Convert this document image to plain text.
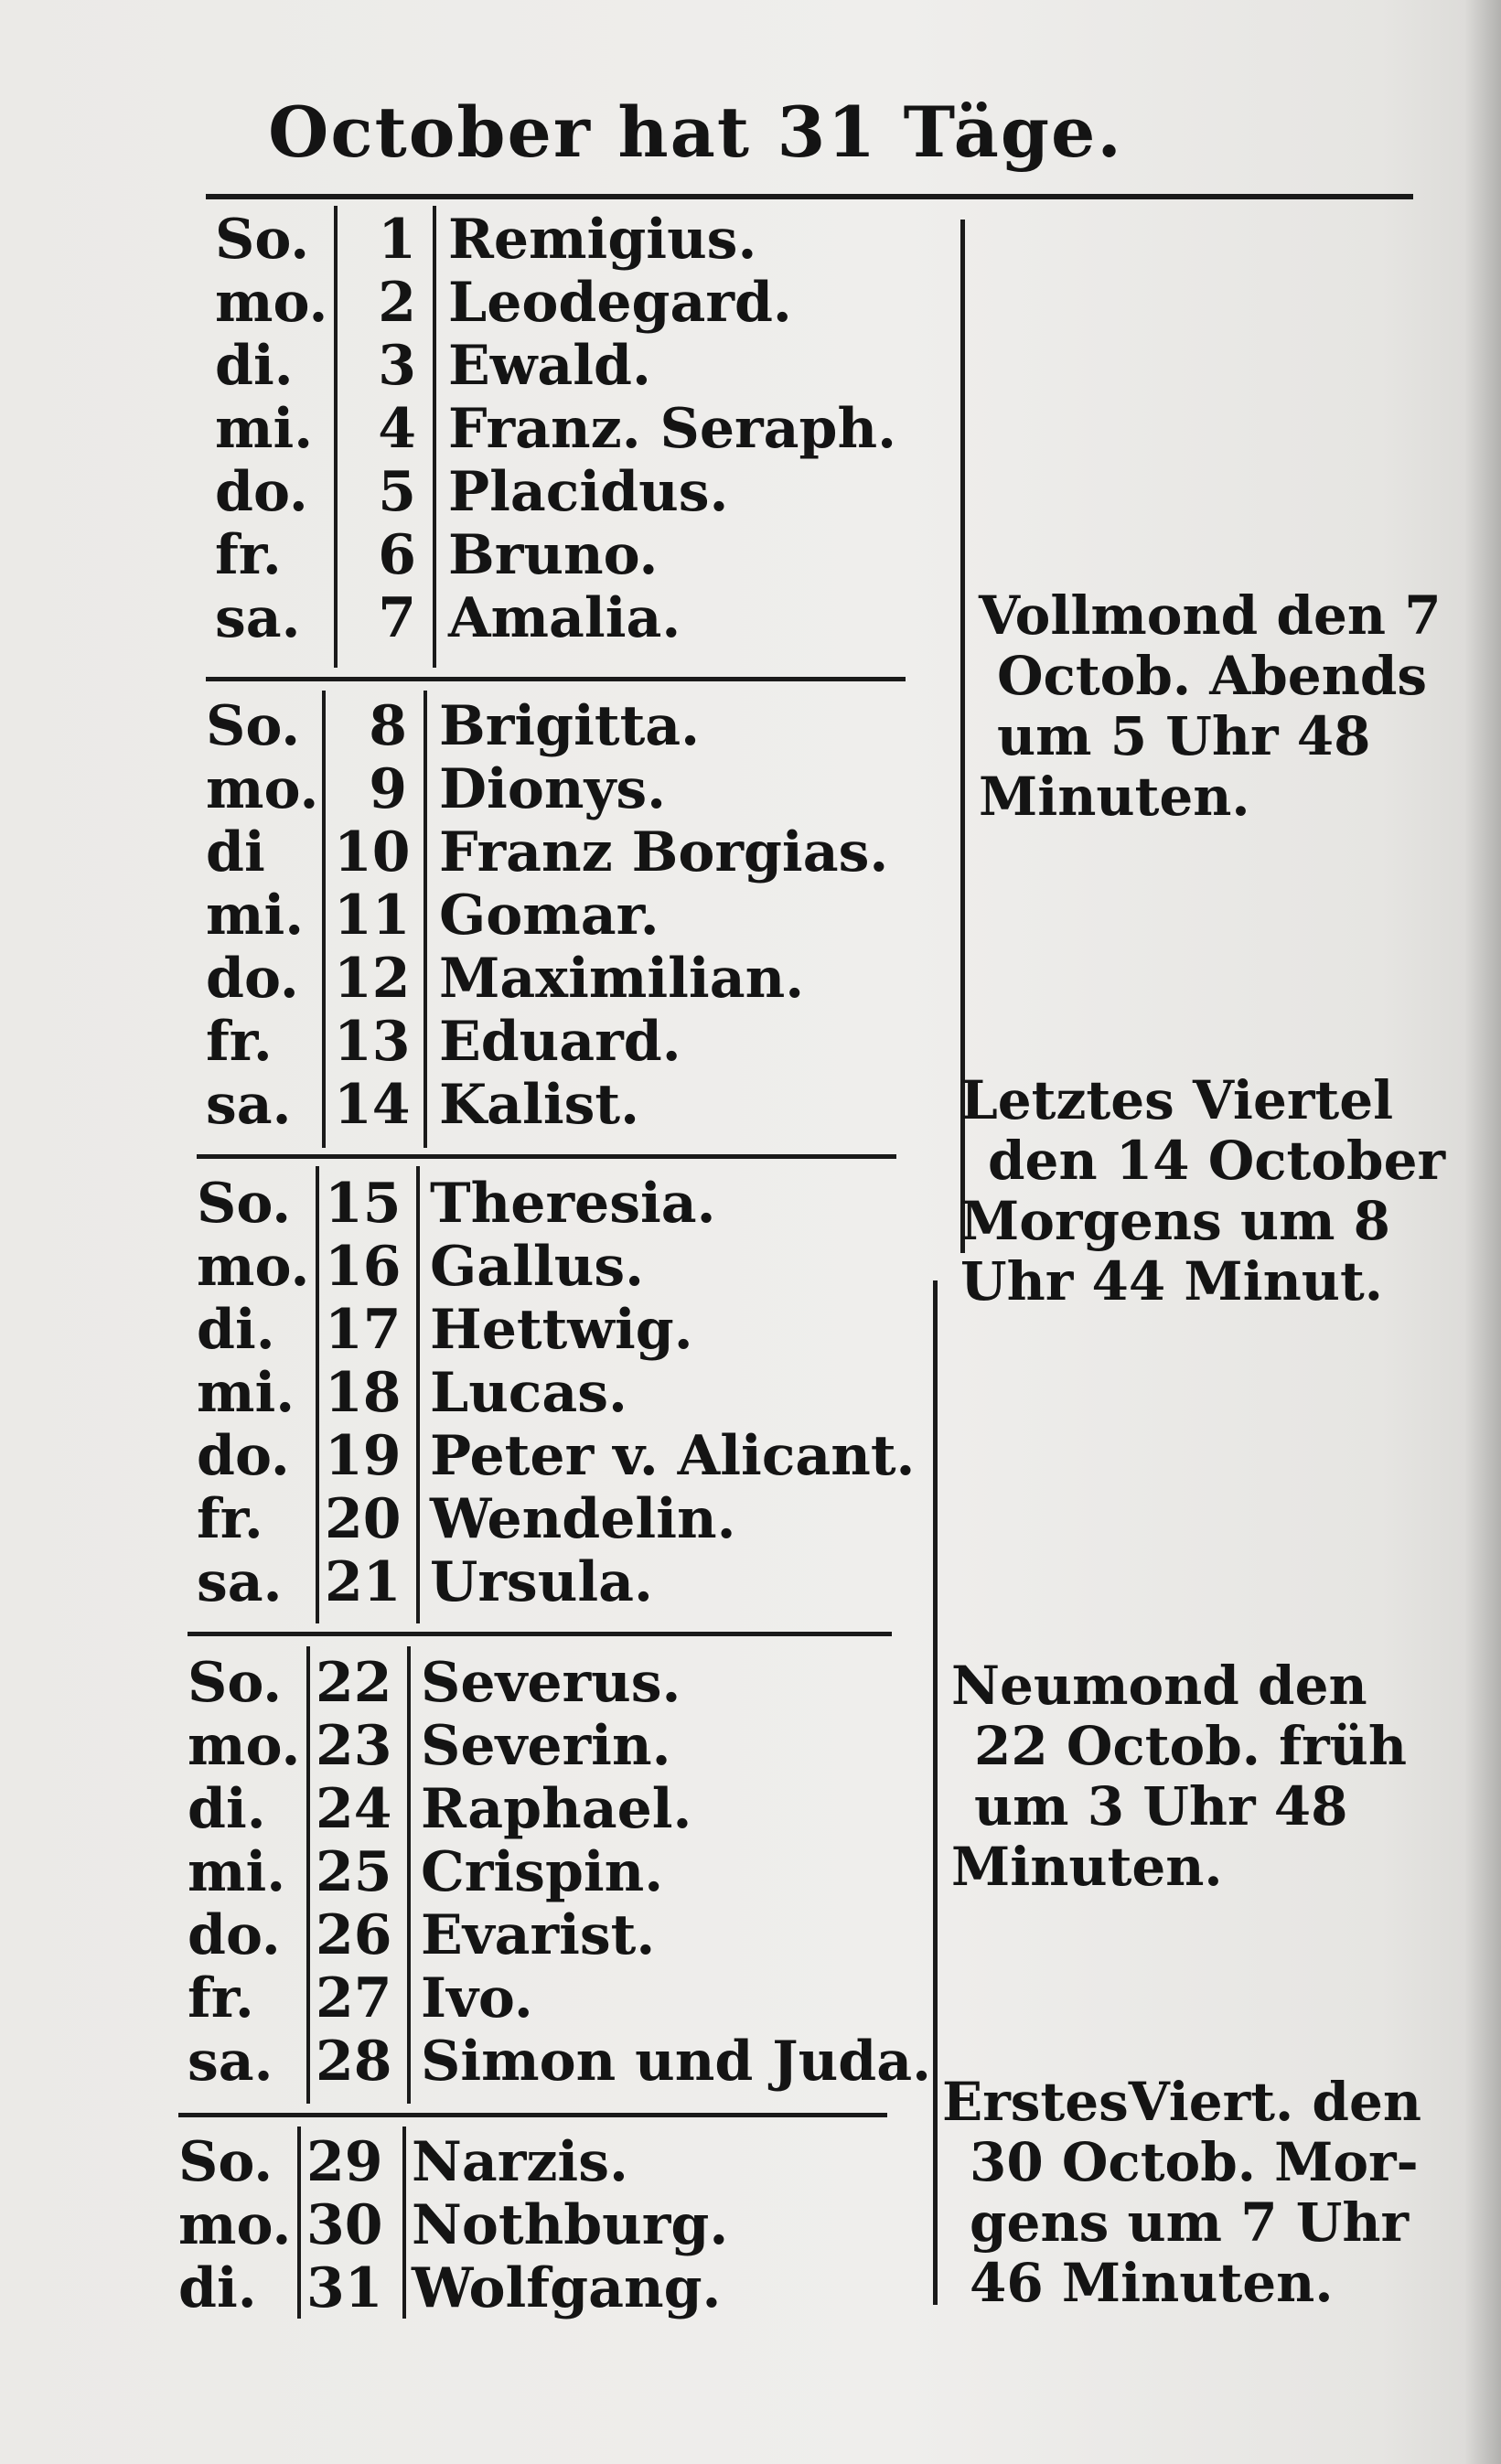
October hat 31 Täge.
So.	1 Remigius.
mo. 2 Leodegard.
di.	3 Ewald.
mi.	4 Franz. Seraph.
do.	5 Placidus.
fr.	6 Bruno.
sa.	7 Amalia.
So.	8 Brigitta.
mo. 9 Dionys.
di	10 Franz Borgias.
mi. 11 Gomar.
do. 12 Maximilian.
fr.	13 Eduard.
sa. 14 Kalist.
So. 15 Theresia.
mo. 16 Gallus.
di. 17 Hettwig.
mi. 18 Lucas.
do. 19 Peter v. Alicant.
fr.	20 Wendelin.
sa. 21 Ursula.
So. 22 Severus.
mo. 23 Severin.
di. 24 Raphael.
mi. 25 Crispin.
do. 26 Evarist.
fr.	27 Ivo.
sa. 28 Simon und Juda.
So. 29 Narzis.
mo. 30 Nothburg.
di. 31 Wolfgang.
Vollmond den 7
Octob. Abends
um 5 Uhr 48
Minuten.
Letztes Viertel
den 14 October
Morgens um 8
Uhr 44 Minut.
Neumond den
22 Octob. früh
um 3 Uhr 48
Minuten.
ErstesViert. den
30 Octob. Mor-
gens um 7 Uhr
46 Minuten.
